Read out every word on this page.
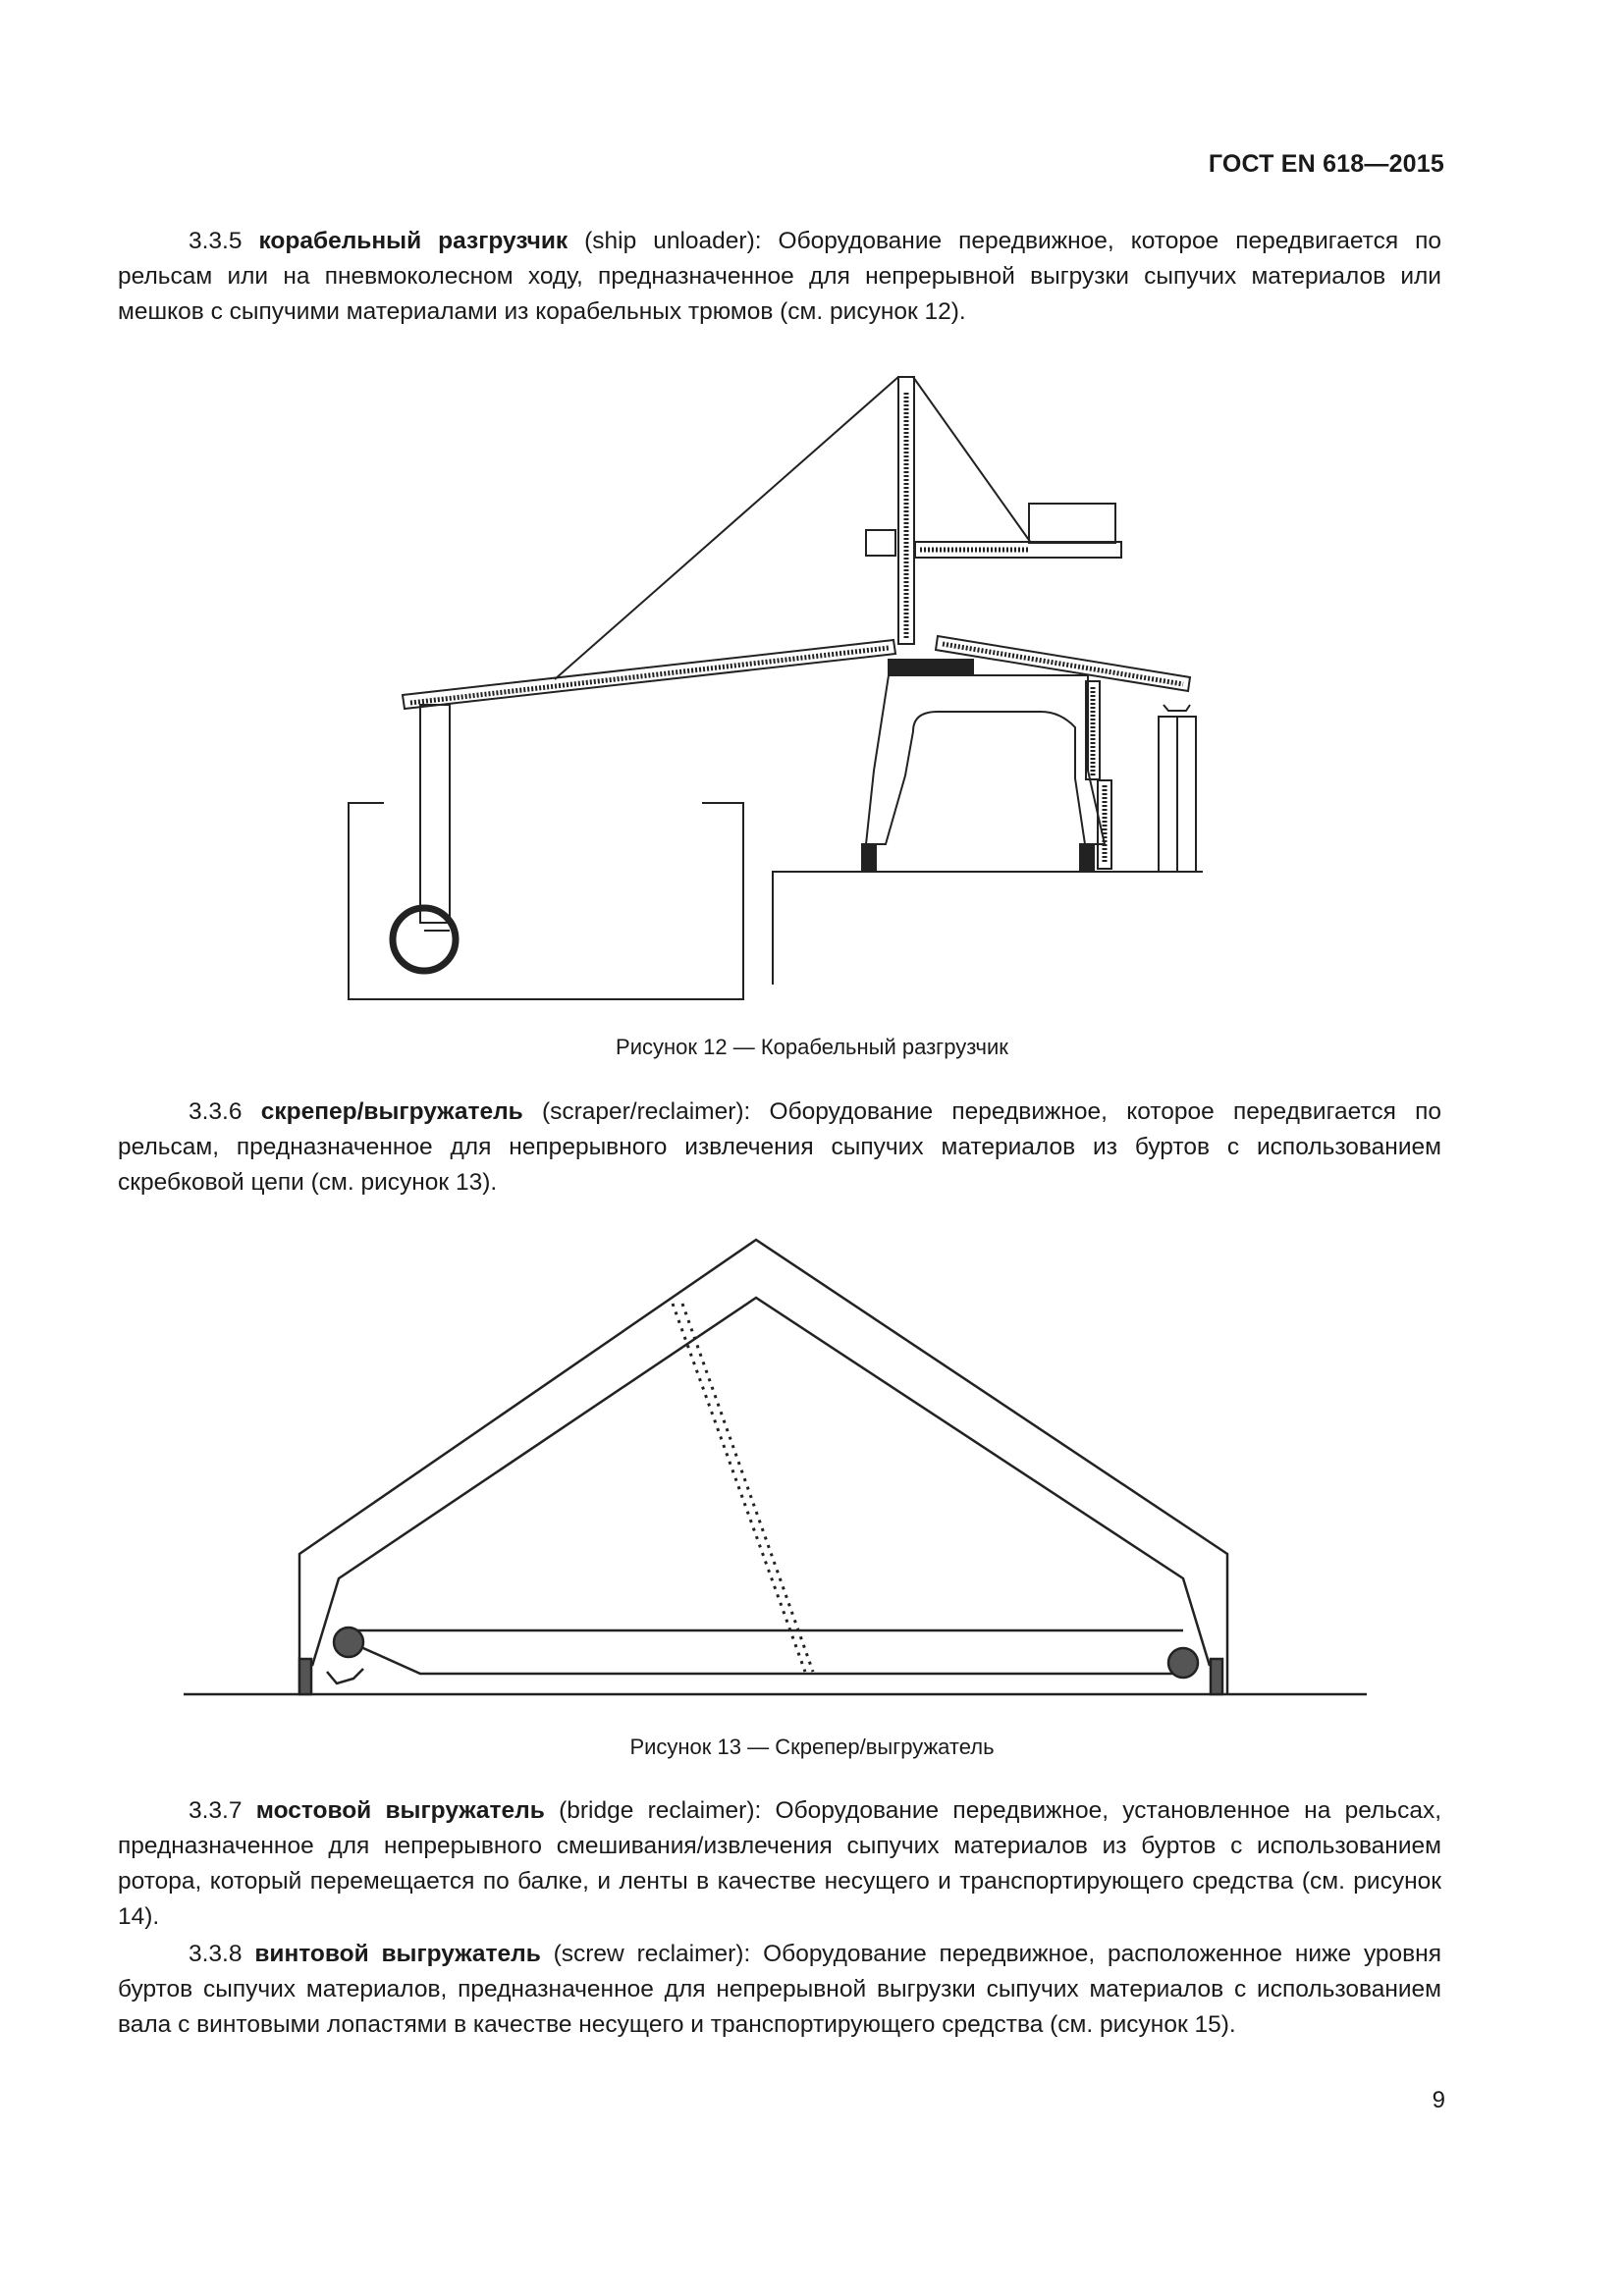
ГОСТ EN 618—2015
3.3.5 корабельный разгрузчик (ship unloader): Оборудование передвижное, которое передвигается по рельсам или на пневмоколесном ходу, предназначенное для непрерывной выгрузки сыпучих материалов или мешков с сыпучими материалами из корабельных трюмов (см. рисунок 12).
Рисунок 12 — Корабельный разгрузчик
3.3.6 скрепер/выгружатель (scraper/reclaimer): Оборудование передвижное, которое передвигается по рельсам, предназначенное для непрерывного извлечения сыпучих материалов из буртов с использованием скребковой цепи (см. рисунок 13).
Рисунок 13 — Скрепер/выгружатель
3.3.7 мостовой выгружатель (bridge reclaimer): Оборудование передвижное, установленное на рельсах, предназначенное для непрерывного смешивания/извлечения сыпучих материалов из буртов с использованием ротора, который перемещается по балке, и ленты в качестве несущего и транспортирующего средства (см. рисунок 14).
3.3.8 винтовой выгружатель (screw reclaimer): Оборудование передвижное, расположенное ниже уровня буртов сыпучих материалов, предназначенное для непрерывной выгрузки сыпучих материалов с использованием вала с винтовыми лопастями в качестве несущего и транспортирующего средства (см. рисунок 15).
9
